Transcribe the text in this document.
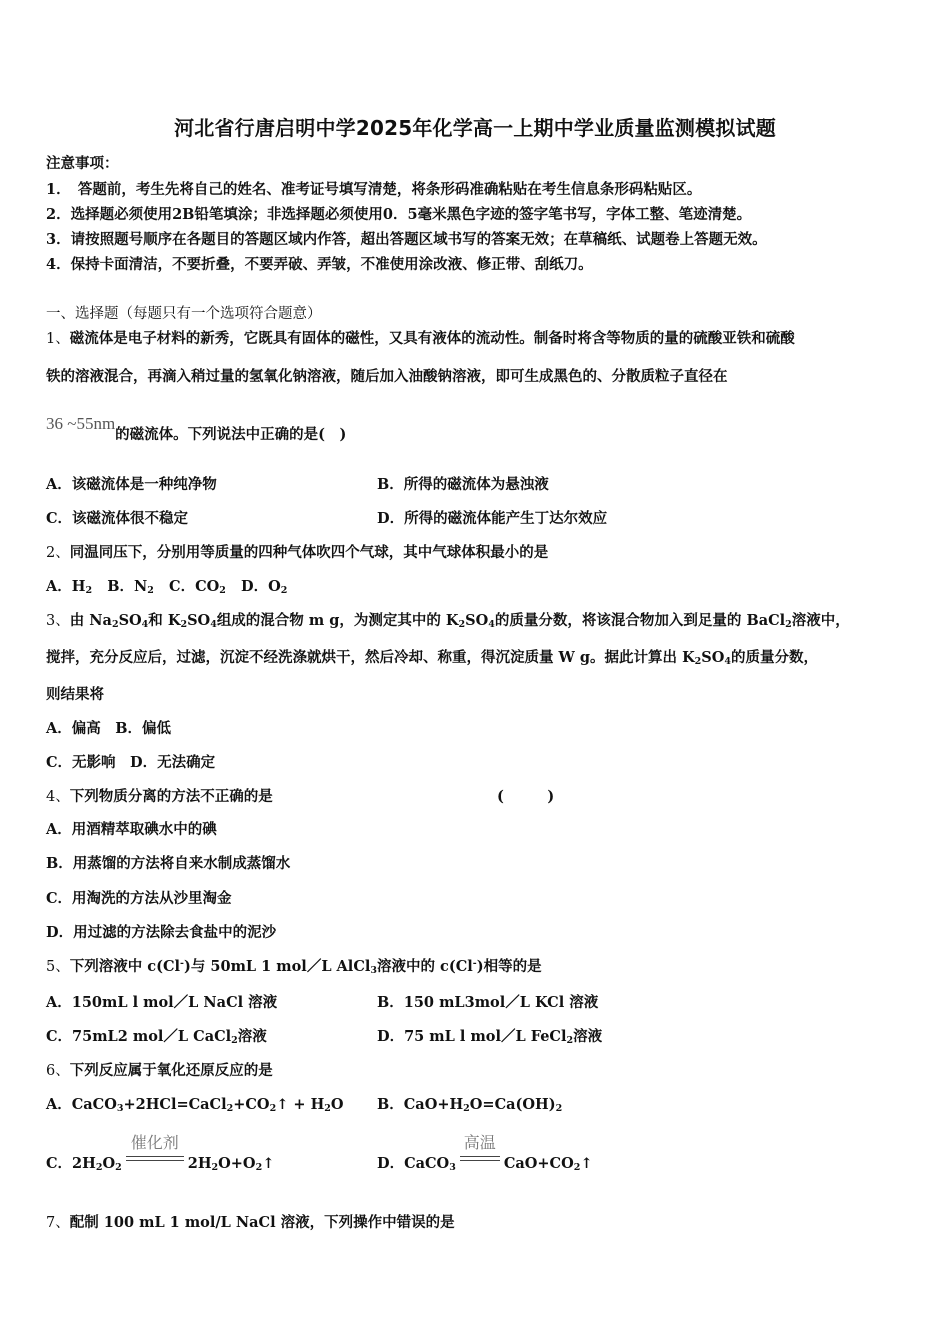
河北省行唐启明中学2025年化学高一上期中学业质量监测模拟试题
注意事项：
1．　答题前，考生先将自己的姓名、准考证号填写清楚，将条形码准确粘贴在考生信息条形码粘贴区。
2．选择题必须使用2B铅笔填涂；非选择题必须使用0．5毫米黑色字迹的签字笔书写，字体工整、笔迹清楚。
3．请按照题号顺序在各题目的答题区域内作答，超出答题区域书写的答案无效；在草稿纸、试题卷上答题无效。
4．保持卡面清洁，不要折叠，不要弄破、弄皱，不准使用涂改液、修正带、刮纸刀。
一、选择题（每题只有一个选项符合题意）
1、磁流体是电子材料的新秀，它既具有固体的磁性，又具有液体的流动性。制备时将含等物质的量的硫酸亚铁和硫酸
铁的溶液混合，再滴入稍过量的氢氧化钠溶液，随后加入油酸钠溶液，即可生成黑色的、分散质粒子直径在
36 ~55nm的磁流体。下列说法中正确的是(　)
A．该磁流体是一种纯净物	B．所得的磁流体为悬浊液
C．该磁流体很不稳定	D．所得的磁流体能产生丁达尔效应
2、同温同压下，分别用等质量的四种气体吹四个气球，其中气球体积最小的是
A．$H_2$ B．$N_2$ C．$CO_2$ D．$O_2$
3、由 $Na_2SO_4$和 $K_2SO_4$组成的混合物 m g，为测定其中的 $K_2SO_4$的质量分数，将该混合物加入到足量的 BaCl$_2$溶液中，
搅拌，充分反应后，过滤，沉淀不经洗涤就烘干，然后冷却、称重，得沉淀质量 W g。据此计算出 $K_2SO_4$的质量分数，
则结果将
A．偏高　B．偏低
C．无影响　D．无法确定
4、下列物质分离的方法不正确的是	(　　　)
A．用酒精萃取碘水中的碘
B．用蒸馏的方法将自来水制成蒸馏水
C．用淘洗的方法从沙里淘金
D．用过滤的方法除去食盐中的泥沙
5、下列溶液中 c(Cl-)与 50mL 1 mol／L AlCl$_3$溶液中的 c(Cl-)相等的是
A．150mL l mol／L NaCl 溶液	B．150 mL3mol／L KCl 溶液
C．75mL2 mol／L CaCl$_2$溶液	D．75 mL l mol／L FeCl$_2$溶液
6、下列反应属于氧化还原反应的是
A．$CaCO_3+2HCl=CaCl_2+CO_2↑ + H_2O$ B．$CaO+H_2O=Ca(OH)_2$
C．$2H_2O_2$
催化剂
$2H_2O+O_2↑$	D．CaCO$_3$
高温
$CaO+CO_2↑$
7、配制 100 mL 1 mol/L NaCl 溶液，下列操作中错误的是
